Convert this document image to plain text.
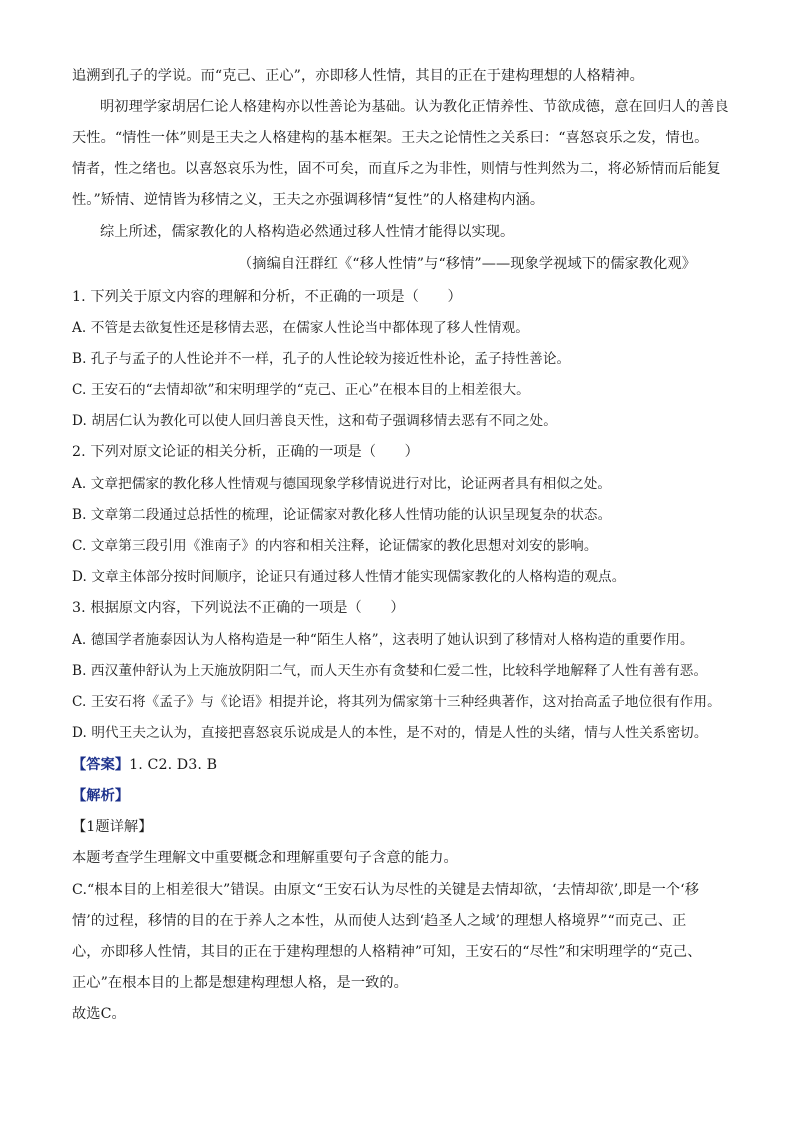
追溯到孔子的学说。而“克己、正心”，亦即移人性情，其目的正在于建构理想的人格精神。
明初理学家胡居仁论人格建构亦以性善论为基础。认为教化正情养性、节欲成德，意在回归人的善良
天性。“情性一体”则是王夫之人格建构的基本框架。王夫之论情性之关系曰：“喜怒哀乐之发，情也。
情者，性之绪也。以喜怒哀乐为性，固不可矣，而直斥之为非性，则情与性判然为二，将必矫情而后能复
性。”矫情、逆情皆为移情之义，王夫之亦强调移情“复性”的人格建构内涵。
综上所述，儒家教化的人格构造必然通过移人性情才能得以实现。
（摘编自汪群红《“移人性情”与“移情”——现象学视域下的儒家教化观》
1. 下列关于原文内容的理解和分析，不正确的一项是（　　）
A. 不管是去欲复性还是移情去恶，在儒家人性论当中都体现了移人性情观。
B. 孔子与孟子的人性论并不一样，孔子的人性论较为接近性朴论，孟子持性善论。
C. 王安石的“去情却欲”和宋明理学的“克己、正心”在根本目的上相差很大。
D. 胡居仁认为教化可以使人回归善良天性，这和荀子强调移情去恶有不同之处。
2. 下列对原文论证的相关分析，正确的一项是（　　）
A. 文章把儒家的教化移人性情观与德国现象学移情说进行对比，论证两者具有相似之处。
B. 文章第二段通过总括性的梳理，论证儒家对教化移人性情功能的认识呈现复杂的状态。
C. 文章第三段引用《淮南子》的内容和相关注释，论证儒家的教化思想对刘安的影响。
D. 文章主体部分按时间顺序，论证只有通过移人性情才能实现儒家教化的人格构造的观点。
3. 根据原文内容，下列说法不正确的一项是（　　）
A. 德国学者施泰因认为人格构造是一种“陌生人格”，这表明了她认识到了移情对人格构造的重要作用。
B. 西汉董仲舒认为上天施放阴阳二气，而人天生亦有贪婪和仁爱二性，比较科学地解释了人性有善有恶。
C. 王安石将《孟子》与《论语》相提并论，将其列为儒家第十三种经典著作，这对抬高孟子地位很有作用。
D. 明代王夫之认为，直接把喜怒哀乐说成是人的本性，是不对的，情是人性的头绪，情与人性关系密切。
【答案】1. C2. D3. B
【解析】
【1题详解】
本题考查学生理解文中重要概念和理解重要句子含意的能力。
C.“根本目的上相差很大”错误。由原文“王安石认为尽性的关键是去情却欲，‘去情却欲’,即是一个‘移
情’的过程，移情的目的在于养人之本性，从而使人达到‘趋圣人之域’的理想人格境界”“而克己、正
心，亦即移人性情，其目的正在于建构理想的人格精神”可知，王安石的“尽性”和宋明理学的“克己、
正心”在根本目的上都是想建构理想人格，是一致的。
故选C。
